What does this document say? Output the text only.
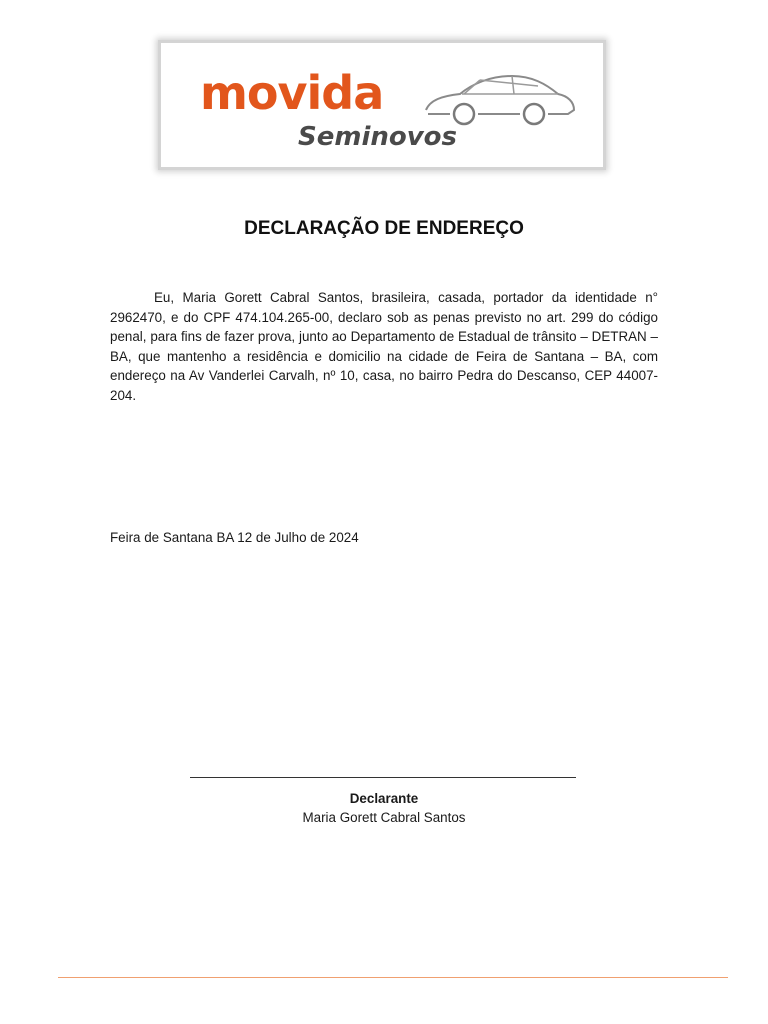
movida
Seminovos
DECLARAÇÃO DE ENDEREÇO
Eu, Maria Gorett Cabral Santos, brasileira, casada, portador da identidade n° 2962470, e do CPF 474.104.265-00, declaro sob as penas previsto no art. 299 do código penal, para fins de fazer prova, junto ao Departamento de Estadual de trânsito – DETRAN – BA, que mantenho a residência e domicilio na cidade de Feira de Santana – BA, com endereço na Av Vanderlei Carvalh, nº 10, casa, no bairro Pedra do Descanso, CEP 44007-204.
Feira de Santana BA 12 de Julho de 2024
Declarante
Maria Gorett Cabral Santos
